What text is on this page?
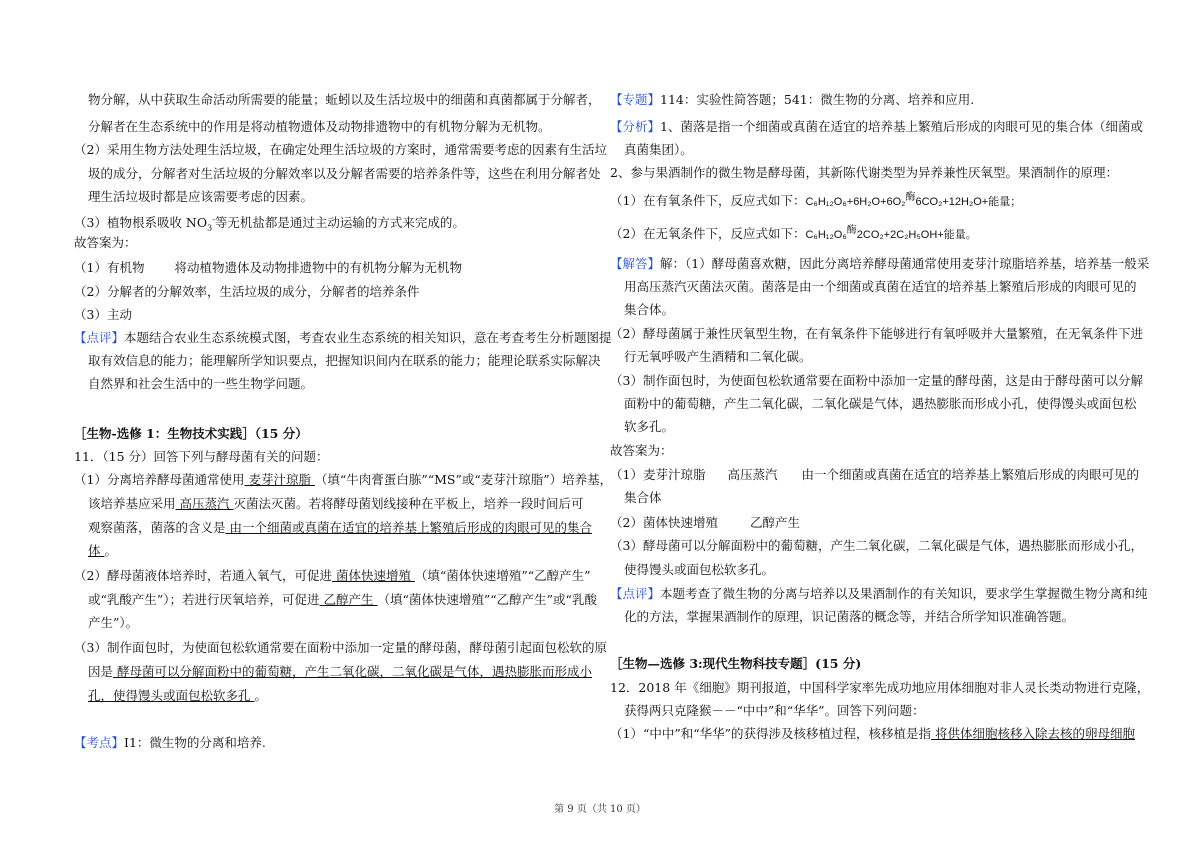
物分解，从中获取生命活动所需要的能量；蚯蚓以及生活垃圾中的细菌和真菌都属于分解者，
分解者在生态系统中的作用是将动植物遗体及动物排遗物中的有机物分解为无机物。
（2）采用生物方法处理生活垃圾，在确定处理生活垃圾的方案时，通常需要考虑的因素有生活垃
圾的成分，分解者对生活垃圾的分解效率以及分解者需要的培养条件等，这些在利用分解者处
理生活垃圾时都是应该需要考虑的因素。
（3）植物根系吸收 $NO_3^-$等无机盐都是通过主动运输的方式来完成的。
故答案为：
（1）有机物 将动植物遗体及动物排遗物中的有机物分解为无机物
（2）分解者的分解效率，生活垃圾的成分，分解者的培养条件
（3）主动
【点评】本题结合农业生态系统模式图，考查农业生态系统的相关知识，意在考查考生分析题图提
取有效信息的能力；能理解所学知识要点，把握知识间内在联系的能力；能理论联系实际解决
自然界和社会生活中的一些生物学问题。
［生物-选修 1：生物技术实践］（15 分）
11．（15 分）回答下列与酵母菌有关的问题：
（1）分离培养酵母菌通常使用 麦芽汁琼脂 （填“牛肉膏蛋白胨”“MS”或“麦芽汁琼脂”）培养基，
该培养基应采用 高压蒸汽 灭菌法灭菌。若将酵母菌划线接种在平板上，培养一段时间后可
观察菌落，菌落的含义是 由一个细菌或真菌在适宜的培养基上繁殖后形成的肉眼可见的集合
体 。
（2）酵母菌液体培养时，若通入氧气，可促进 菌体快速增殖 （填“菌体快速增殖”“乙醇产生”
或“乳酸产生”）；若进行厌氧培养，可促进 乙醇产生 （填“菌体快速增殖”“乙醇产生”或“乳酸
产生”）。
（3）制作面包时，为使面包松软通常要在面粉中添加一定量的酵母菌，酵母菌引起面包松软的原
因是 酵母菌可以分解面粉中的葡萄糖，产生二氧化碳，二氧化碳是气体，遇热膨胀而形成小
孔，使得馒头或面包松软多孔 。
【考点】I1：微生物的分离和培养.
【专题】114：实验性简答题；541：微生物的分离、培养和应用.
【分析】1、菌落是指一个细菌或真菌在适宜的培养基上繁殖后形成的肉眼可见的集合体（细菌或
真菌集团）。
2、参与果酒制作的微生物是酵母菌，其新陈代谢类型为异养兼性厌氧型。果酒制作的原理：
（1）在有氧条件下，反应式如下：C₆H₁₂O₆+6H₂O+6O₂酶6CO₂+12H₂O+能量；
（2）在无氧条件下，反应式如下：C₆H₁₂O₆酶2CO₂+2C₂H₅OH+能量。
【解答】解：（1）酵母菌喜欢糖，因此分离培养酵母菌通常使用麦芽汁琼脂培养基，培养基一般采
用高压蒸汽灭菌法灭菌。菌落是由一个细菌或真菌在适宜的培养基上繁殖后形成的肉眼可见的
集合体。
（2）酵母菌属于兼性厌氧型生物，在有氧条件下能够进行有氧呼吸并大量繁殖，在无氧条件下进
行无氧呼吸产生酒精和二氧化碳。
（3）制作面包时，为使面包松软通常要在面粉中添加一定量的酵母菌，这是由于酵母菌可以分解
面粉中的葡萄糖，产生二氧化碳，二氧化碳是气体，遇热膨胀而形成小孔，使得馒头或面包松
软多孔。
故答案为：
（1）麦芽汁琼脂 高压蒸汽 由一个细菌或真菌在适宜的培养基上繁殖后形成的肉眼可见的
集合体
（2）菌体快速增殖	乙醇产生
（3）酵母菌可以分解面粉中的葡萄糖，产生二氧化碳，二氧化碳是气体，遇热膨胀而形成小孔，
使得馒头或面包松软多孔。
【点评】本题考查了微生物的分离与培养以及果酒制作的有关知识，要求学生掌握微生物分离和纯
化的方法，掌握果酒制作的原理，识记菌落的概念等，并结合所学知识准确答题。
［生物—选修 3:现代生物科技专题］(15 分)
12．2018 年《细胞》期刊报道，中国科学家率先成功地应用体细胞对非人灵长类动物进行克隆，
获得两只克隆猴－－“中中”和“华华”。回答下列问题：
（1）“中中”和“华华”的获得涉及核移植过程，核移植是指 将供体细胞核移入除去核的卵母细胞
第 9 页（共 10 页）
